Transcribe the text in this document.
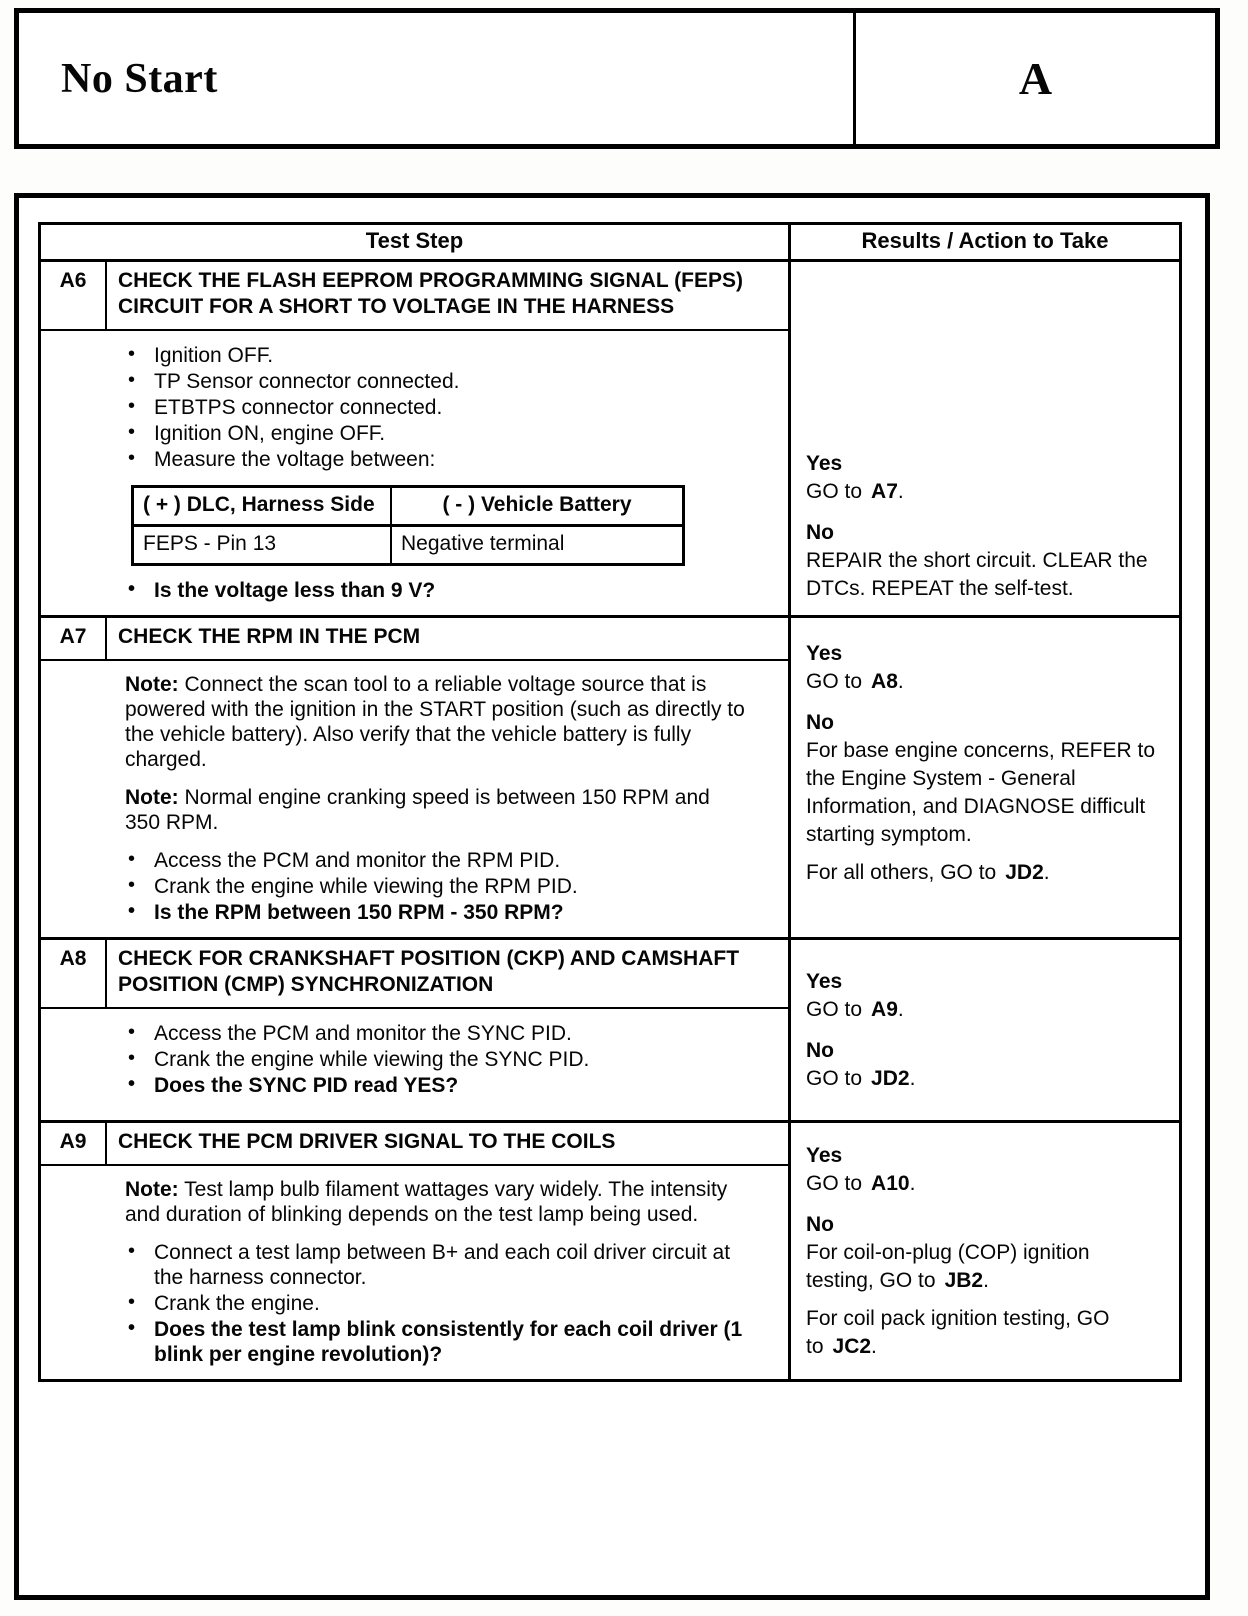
No Start	A
Test Step	Results / Action to Take
A6	CHECK THE FLASH EEPROM PROGRAMMING SIGNAL (FEPS) CIRCUIT FOR A SHORT TO VOLTAGE IN THE HARNESS
• Ignition OFF.
• TP Sensor connector connected.
• ETBTPS connector connected.
• Ignition ON, engine OFF.
• Measure the voltage between:
( + ) DLC, Harness Side	( - ) Vehicle Battery
FEPS - Pin 13	Negative terminal
• Is the voltage less than 9 V?
Yes
GO to A7.
No
REPAIR the short circuit. CLEAR the DTCs. REPEAT the self-test.
A7	CHECK THE RPM IN THE PCM
Note: Connect the scan tool to a reliable voltage source that is powered with the ignition in the START position (such as directly to the vehicle battery). Also verify that the vehicle battery is fully charged.
Note: Normal engine cranking speed is between 150 RPM and 350 RPM.
• Access the PCM and monitor the RPM PID.
• Crank the engine while viewing the RPM PID.
• Is the RPM between 150 RPM - 350 RPM?
Yes
GO to A8.
No
For base engine concerns, REFER to the Engine System - General Information, and DIAGNOSE difficult starting symptom.
For all others, GO to JD2.
A8	CHECK FOR CRANKSHAFT POSITION (CKP) AND CAMSHAFT POSITION (CMP) SYNCHRONIZATION
• Access the PCM and monitor the SYNC PID.
• Crank the engine while viewing the SYNC PID.
• Does the SYNC PID read YES?
Yes
GO to A9.
No
GO to JD2.
A9	CHECK THE PCM DRIVER SIGNAL TO THE COILS
Note: Test lamp bulb filament wattages vary widely. The intensity and duration of blinking depends on the test lamp being used.
• Connect a test lamp between B+ and each coil driver circuit at the harness connector.
• Crank the engine.
• Does the test lamp blink consistently for each coil driver (1 blink per engine revolution)?
Yes
GO to A10.
No
For coil-on-plug (COP) ignition testing, GO to JB2.
For coil pack ignition testing, GO to JC2.
